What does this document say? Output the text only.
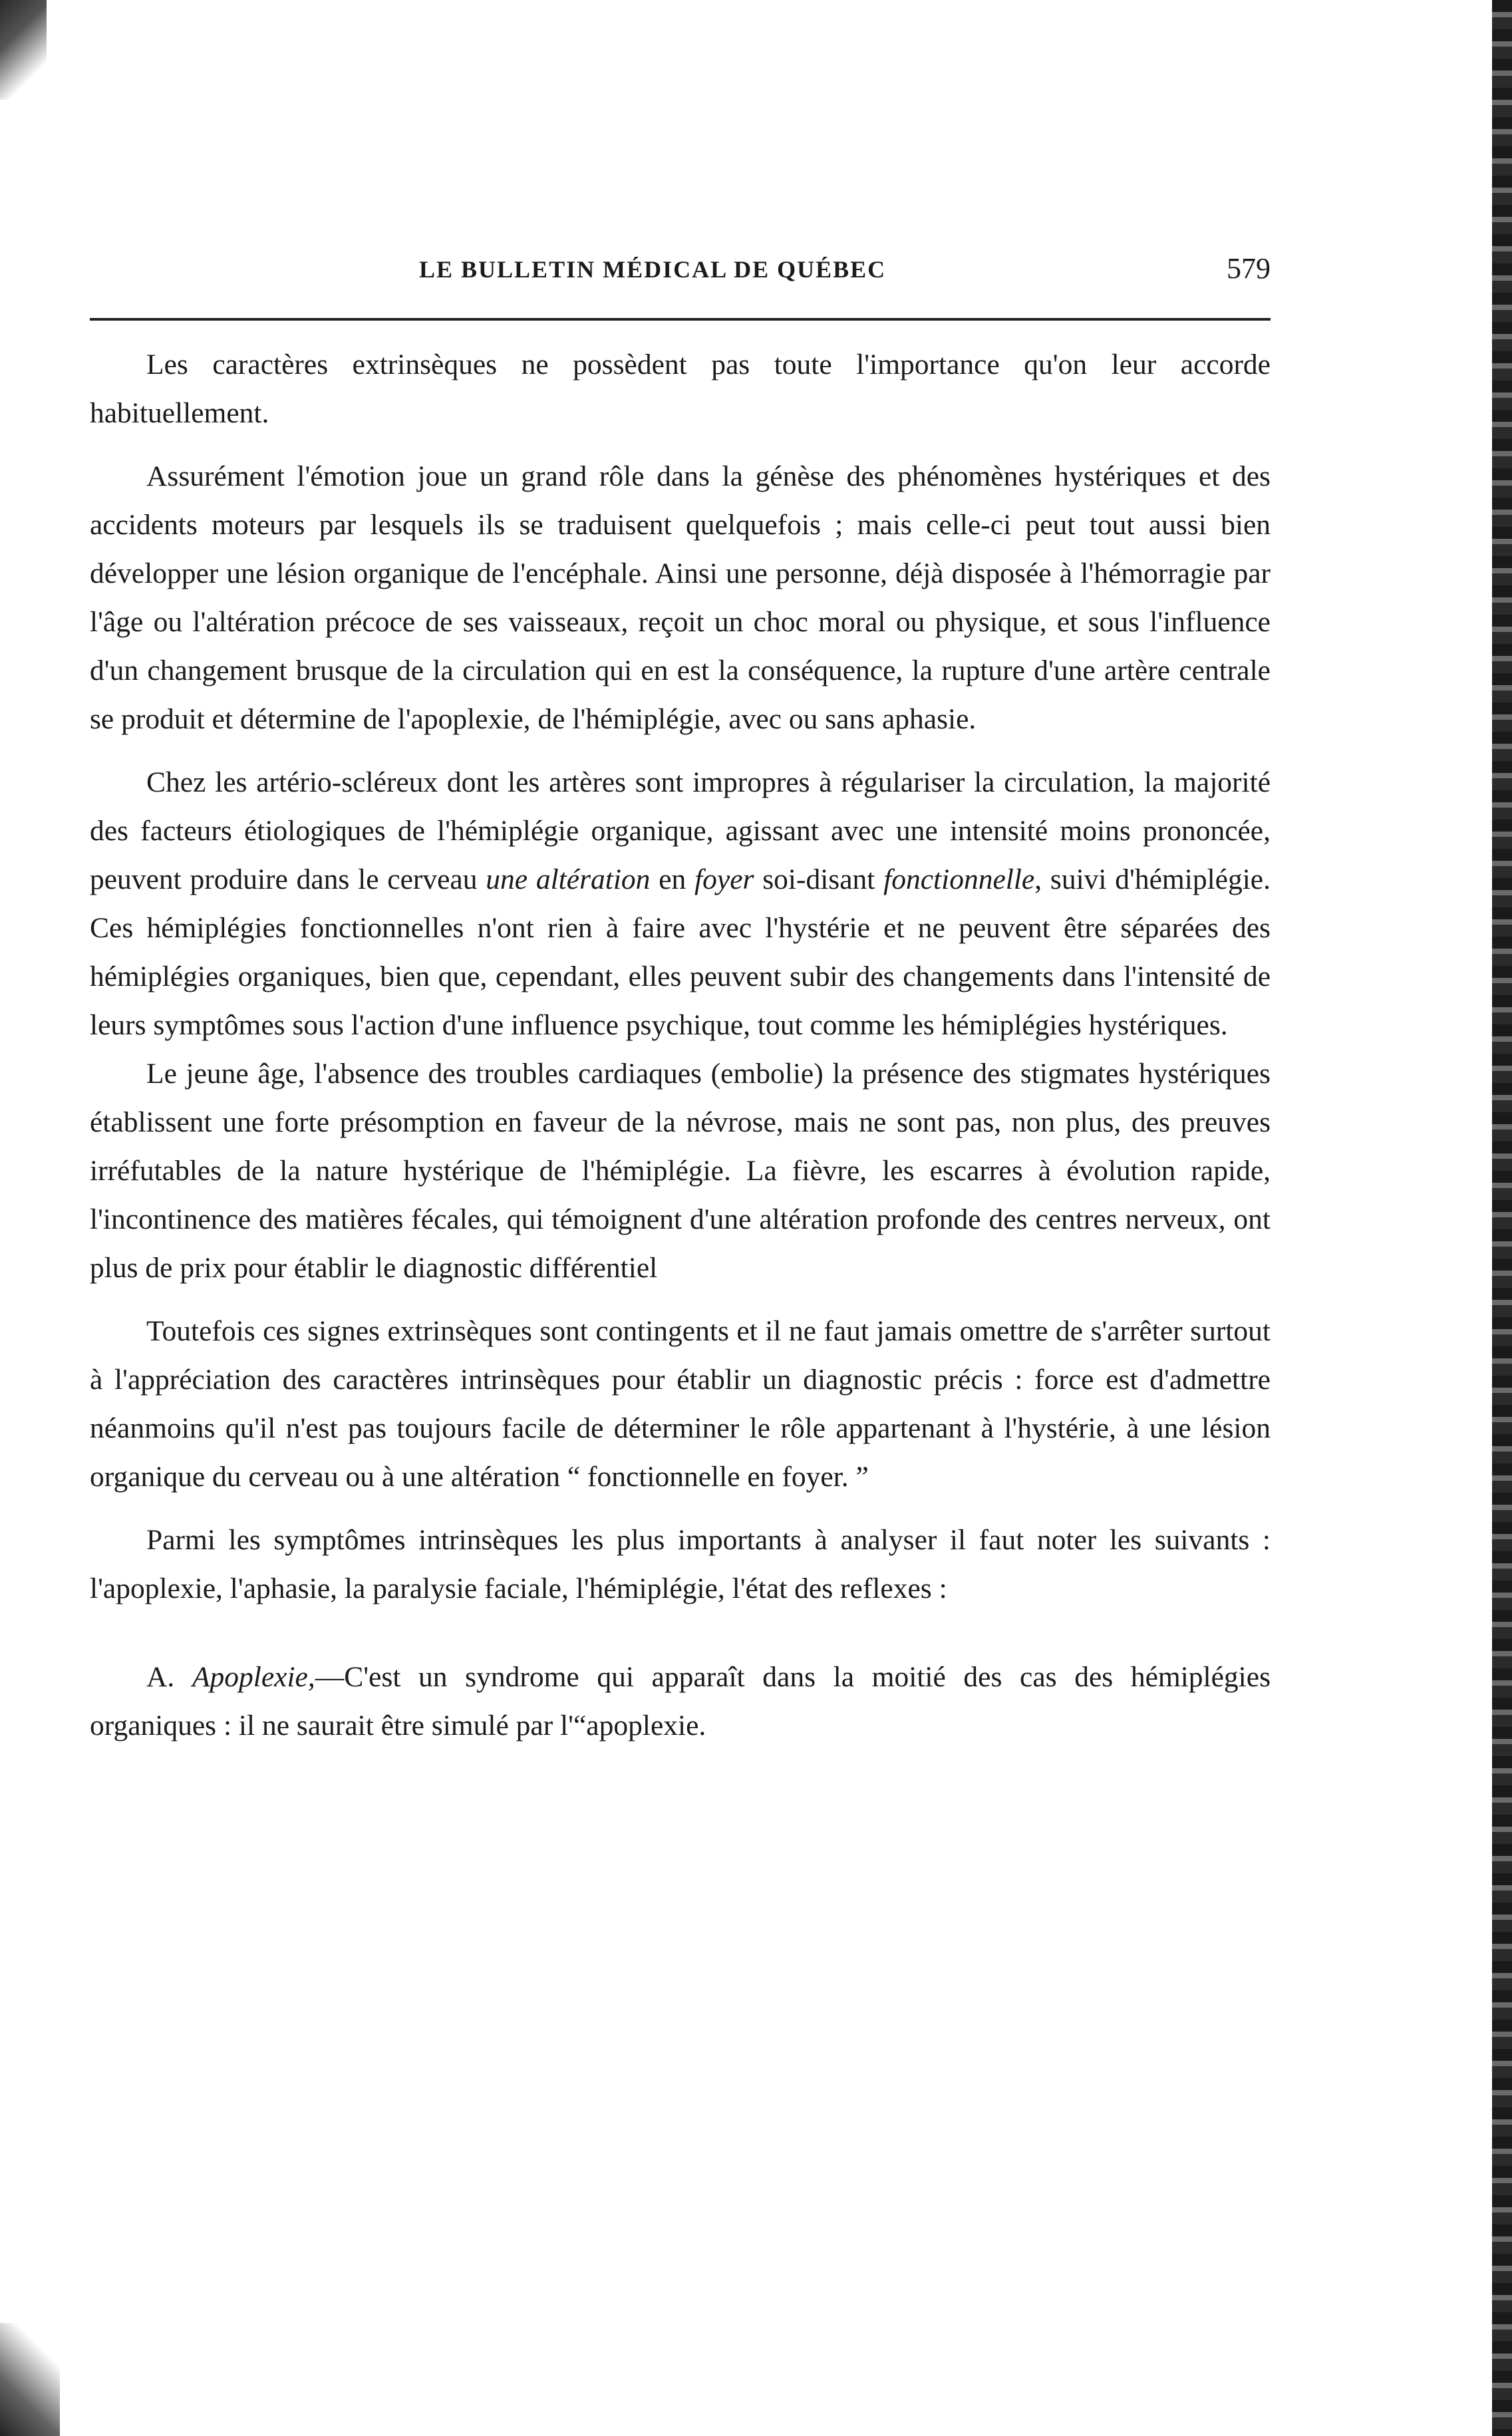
LE BULLETIN MÉDICAL DE QUÉBEC	579

Les caractères extrinsèques ne possèdent pas toute l'importance qu'on leur accorde habituellement.

Assurément l'émotion joue un grand rôle dans la génèse des phénomènes hystériques et des accidents moteurs par lesquels ils se traduisent quelquefois ; mais celle-ci peut tout aussi bien développer une lésion organique de l'encéphale. Ainsi une personne, déjà disposée à l'hémorragie par l'âge ou l'altération précoce de ses vaisseaux, reçoit un choc moral ou physique, et sous l'influence d'un changement brusque de la circulation qui en est la conséquence, la rupture d'une artère centrale se produit et détermine de l'apoplexie, de l'hémiplégie, avec ou sans aphasie.

Chez les artério-scléreux dont les artères sont impropres à régulariser la circulation, la majorité des facteurs étiologiques de l'hémiplégie organique, agissant avec une intensité moins prononcée, peuvent produire dans le cerveau une altération en foyer soi-disant fonctionnelle, suivi d'hémiplégie. Ces hémiplégies fonctionnelles n'ont rien à faire avec l'hystérie et ne peuvent être séparées des hémiplégies organiques, bien que, cependant, elles peuvent subir des changements dans l'intensité de leurs symptômes sous l'action d'une influence psychique, tout comme les hémiplégies hystériques.

Le jeune âge, l'absence des troubles cardiaques (embolie) la présence des stigmates hystériques établissent une forte présomption en faveur de la névrose, mais ne sont pas, non plus, des preuves irréfutables de la nature hystérique de l'hémiplégie. La fièvre, les escarres à évolution rapide, l'incontinence des matières fécales, qui témoignent d'une altération profonde des centres nerveux, ont plus de prix pour établir le diagnostic différentiel

Toutefois ces signes extrinsèques sont contingents et il ne faut jamais omettre de s'arrêter surtout à l'appréciation des caractères intrinsèques pour établir un diagnostic précis : force est d'admettre néanmoins qu'il n'est pas toujours facile de déterminer le rôle appartenant à l'hystérie, à une lésion organique du cerveau ou à une altération “ fonctionnelle en foyer. ”

Parmi les symptômes intrinsèques les plus importants à analyser il faut noter les suivants : l'apoplexie, l'aphasie, la paralysie faciale, l'hémiplégie, l'état des reflexes :

A. Apoplexie,—C'est un syndrome qui apparaît dans la moitié des cas des hémiplégies organiques : il ne saurait être simulé par l'“apoplexie.
